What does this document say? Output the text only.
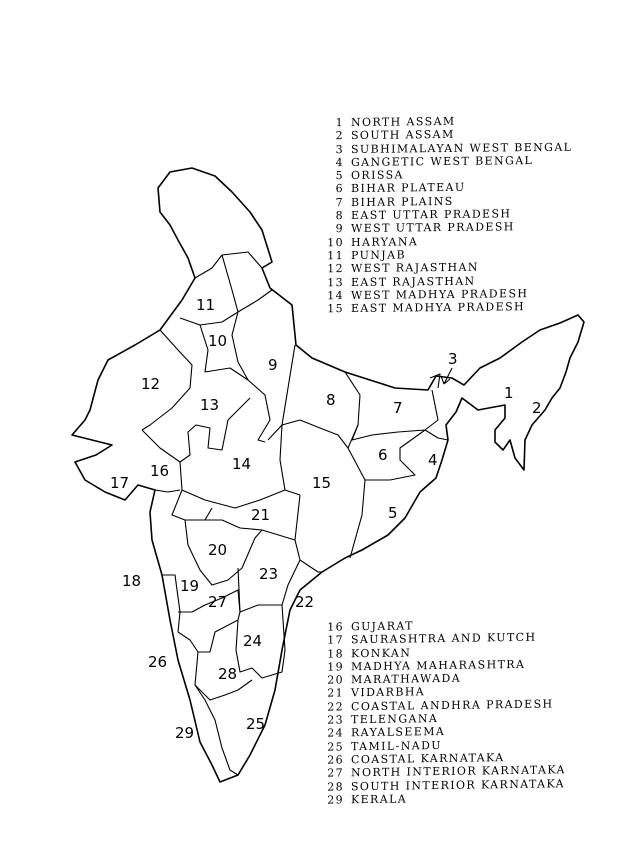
1
2
3
4
5
6
7
8
9
10
11
12
13
14
15
16
17
18	19
20
21
22
23
24
25
26
27
28
29
1 NORTH ASSAM
2 SOUTH ASSAM
3 SUBHIMALAYAN WEST BENGAL
4 GANGETIC WEST BENGAL
5 ORISSA
6 BIHAR PLATEAU
7 BIHAR PLAINS
8 EAST UTTAR PRADESH
9 WEST UTTAR PRADESH
10 HARYANA
11 PUNJAB
12 WEST RAJASTHAN
13 EAST RAJASTHAN
14 WEST MADHYA PRADESH
15 EAST MADHYA PRADESH
16 GUJARAT
17 SAURASHTRA AND KUTCH
18 KONKAN
19 MADHYA MAHARASHTRA
20 MARATHAWADA
21 VIDARBHA
22 COASTAL ANDHRA PRADESH
23 TELENGANA
24 RAYALSEEMA
25 TAMIL-NADU
26 COASTAL KARNATAKA
27 NORTH INTERIOR KARNATAKA
28 SOUTH INTERIOR KARNATAKA
29 KERALA
